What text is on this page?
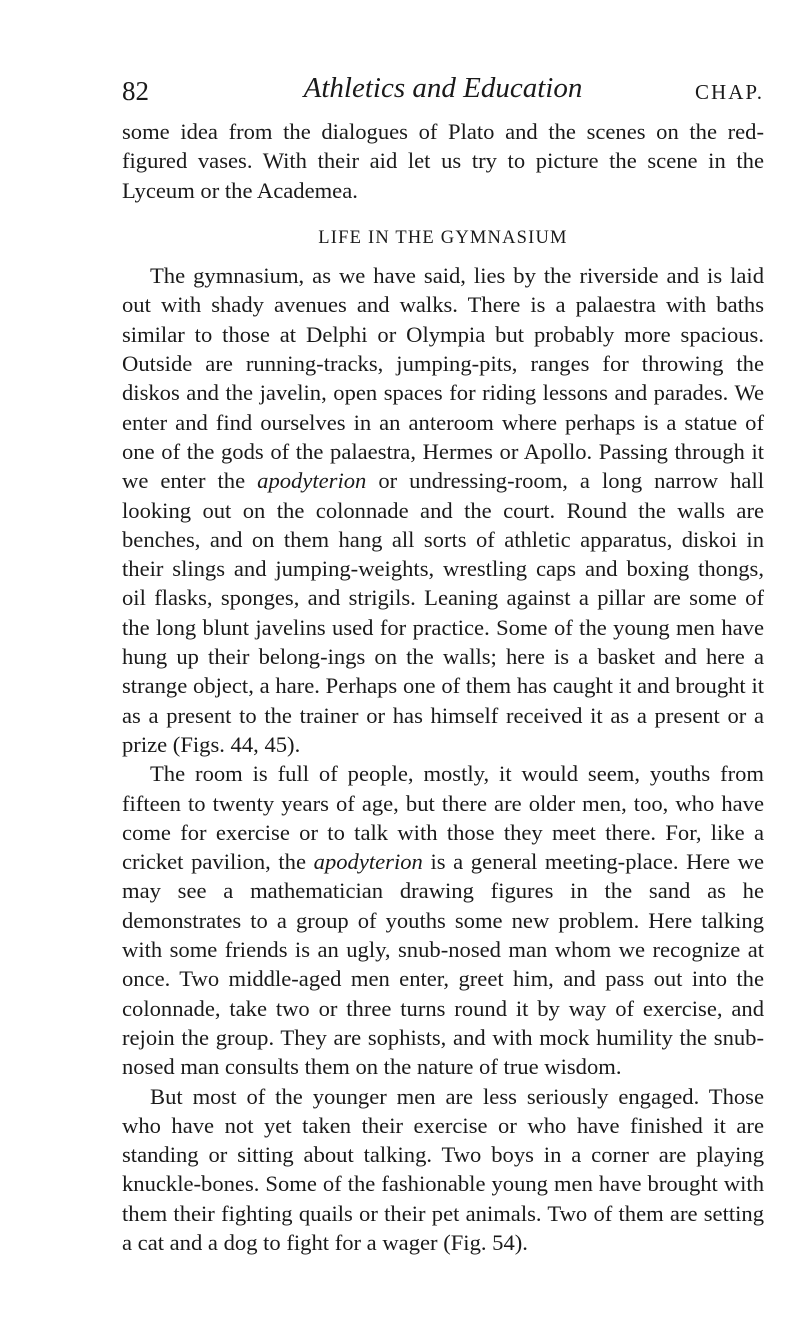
82	Athletics and Education	CHAP.

some idea from the dialogues of Plato and the scenes on the red-figured vases. With their aid let us try to picture the scene in the Lyceum or the Academea.

LIFE IN THE GYMNASIUM

The gymnasium, as we have said, lies by the riverside and is laid out with shady avenues and walks. There is a palaestra with baths similar to those at Delphi or Olympia but probably more spacious. Outside are running-tracks, jumping-pits, ranges for throwing the diskos and the javelin, open spaces for riding lessons and parades. We enter and find ourselves in an anteroom where perhaps is a statue of one of the gods of the palaestra, Hermes or Apollo. Passing through it we enter the apodyterion or undressing-room, a long narrow hall looking out on the colonnade and the court. Round the walls are benches, and on them hang all sorts of athletic apparatus, diskoi in their slings and jumping-weights, wrestling caps and boxing thongs, oil flasks, sponges, and strigils. Leaning against a pillar are some of the long blunt javelins used for practice. Some of the young men have hung up their belong-ings on the walls; here is a basket and here a strange object, a hare. Perhaps one of them has caught it and brought it as a present to the trainer or has himself received it as a present or a prize (Figs. 44, 45).

The room is full of people, mostly, it would seem, youths from fifteen to twenty years of age, but there are older men, too, who have come for exercise or to talk with those they meet there. For, like a cricket pavilion, the apodyterion is a general meeting-place. Here we may see a mathematician drawing figures in the sand as he demonstrates to a group of youths some new problem. Here talking with some friends is an ugly, snub-nosed man whom we recognize at once. Two middle-aged men enter, greet him, and pass out into the colonnade, take two or three turns round it by way of exercise, and rejoin the group. They are sophists, and with mock humility the snub-nosed man consults them on the nature of true wisdom.

But most of the younger men are less seriously engaged. Those who have not yet taken their exercise or who have finished it are standing or sitting about talking. Two boys in a corner are playing knuckle-bones. Some of the fashionable young men have brought with them their fighting quails or their pet animals. Two of them are setting a cat and a dog to fight for a wager (Fig. 54).
